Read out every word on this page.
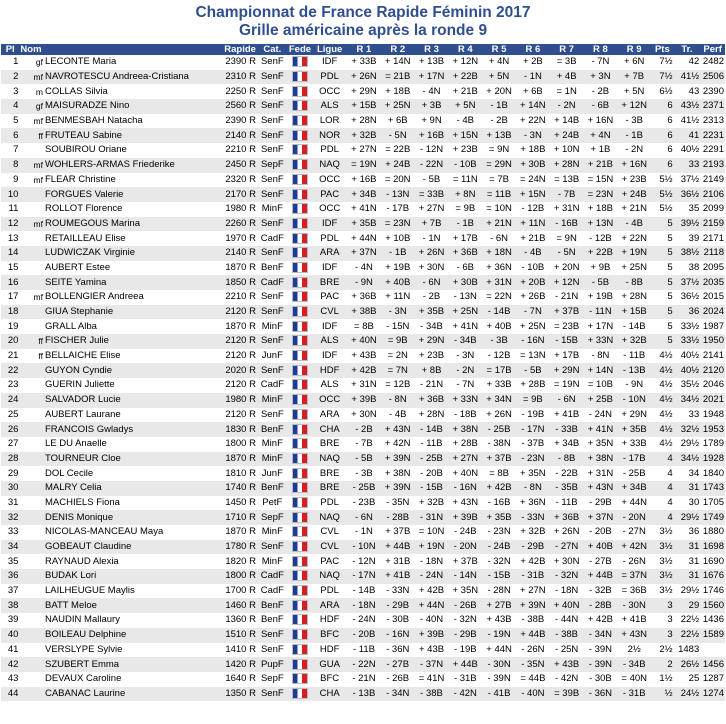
Championnat de France Rapide Féminin 2017
Grille américaine après la ronde 9
Pl	Nom		Rapide	Cat.	Fede	Ligue	R 1	R 2	R 3	R 4	R 5	R 6	R 7	R 8	R 9	Pts	Tr.	Perf
1	gf	LECONTE Maria	2390 R	SenF		IDF	+ 33B	+ 14N	+ 13B	+ 12N	+ 4N	+ 2B	= 3B	- 7N	+ 6N	7½	42	2482
2	mf	NAVROTESCU Andreea-Cristiana	2310 R	SenF		PDL	+ 26N	= 21B	+ 17N	+ 22B	+ 5N	- 1N	+ 4B	+ 3N	+ 7B	7½	41½	2506
3	m	COLLAS Silvia	2250 R	SenF		OCC	+ 29N	+ 18B	- 4N	+ 21B	+ 20N	+ 6B	= 1N	- 2B	+ 5N	6½	43	2390
4	gf	MAISURADZE Nino	2560 R	SenF		ALS	+ 15B	+ 25N	+ 3B	+ 5N	- 1B	+ 14N	- 2N	- 6B	+ 12N	6	43½	2371
5	mf	BENMESBAH Natacha	2390 R	SenF		LOR	+ 28N	+ 6B	+ 9N	- 4B	- 2B	+ 22N	+ 14B	+ 16N	- 3B	6	41½	2313
6	ff	FRUTEAU Sabine	2140 R	SenF		NOR	+ 32B	- 5N	+ 16B	+ 15N	+ 13B	- 3N	+ 24B	+ 4N	- 1B	6	41	2231
7		SOUBIROU Oriane	2210 R	SenF		PDL	+ 27N	= 22B	- 12N	+ 23B	= 9N	+ 18B	+ 10N	+ 1B	- 2N	6	40½	2291
8	mf	WOHLERS-ARMAS Friederike	2450 R	SepF		NAQ	= 19N	+ 24B	- 22N	- 10B	= 29N	+ 30B	+ 28N	+ 21B	+ 16N	6	33	2193
9	mf	FLEAR Christine	2320 R	SenF		OCC	+ 16B	= 20N	- 5B	= 11N	= 7B	= 24N	= 13B	= 15N	+ 23B	5½	37½	2149
10		FORGUES Valerie	2170 R	SenF		PAC	+ 34B	- 13N	= 33B	+ 8N	= 11B	+ 15N	- 7B	= 23N	+ 24B	5½	36½	2106
11		ROLLOT Florence	1980 R	MinF		OCC	+ 41N	- 17B	+ 27N	= 9B	= 10N	- 12B	+ 31N	+ 18B	+ 21N	5½	35	2099
12	mf	ROUMEGOUS Marina	2260 R	SenF		IDF	+ 35B	= 23N	+ 7B	- 1B	+ 21N	+ 11N	- 16B	+ 13N	- 4B	5	39½	2159
13		RETAILLEAU Elise	1970 R	CadF		PDL	+ 44N	+ 10B	- 1N	+ 17B	- 6N	+ 21B	= 9N	- 12B	+ 22N	5	39	2171
14		LUDWICZAK Virginie	2140 R	SenF		ARA	+ 37N	- 1B	+ 26N	+ 36B	+ 18N	- 4B	- 5N	+ 22B	+ 19N	5	38½	2118
15		AUBERT Estee	1870 R	BenF		IDF	- 4N	+ 19B	+ 30N	- 6B	+ 36N	- 10B	+ 20N	+ 9B	+ 25N	5	38	2095
16		SEITE Yamina	1850 R	CadF		BRE	- 9N	+ 40B	- 6N	+ 30B	+ 31N	+ 20B	+ 12N	- 5B	- 8B	5	37½	2035
17	mf	BOLLENGIER Andreea	2210 R	SenF		PAC	+ 36B	+ 11N	- 2B	- 13N	= 22N	+ 26B	- 21N	+ 19B	+ 28N	5	36½	2015
18		GIUA Stephanie	2120 R	SenF		CVL	+ 38B	- 3N	+ 35B	+ 25N	- 14B	- 7N	+ 37B	- 11N	+ 15B	5	36	2024
19		GRALL Alba	1870 R	MinF		IDF	= 8B	- 15N	- 34B	+ 41N	+ 40B	+ 25N	= 23B	+ 17N	- 14B	5	33½	1987
20	ff	FISCHER Julie	2120 R	SenF		ALS	+ 40N	= 9B	+ 29N	- 34B	- 3B	- 16N	- 15B	+ 33N	+ 32B	5	33½	1950
21	ff	BELLAICHE Elise	2120 R	JunF		IDF	+ 43B	= 2N	+ 23B	- 3N	- 12B	= 13N	+ 17B	- 8N	- 11B	4½	40½	2141
22		GUYON Cyndie	2020 R	SenF		HDF	+ 42B	= 7N	+ 8B	- 2N	= 17B	- 5B	+ 29N	+ 14N	- 13B	4½	40½	2120
23		GUERIN Juliette	2120 R	CadF		ALS	+ 31N	= 12B	- 21N	- 7N	+ 33B	+ 28B	= 19N	= 10B	- 9N	4½	35½	2046
24		SALVADOR Lucie	1980 R	MinF		OCC	+ 39B	- 8N	+ 36B	+ 33N	+ 34N	= 9B	- 6N	+ 25B	- 10N	4½	34½	2021
25		AUBERT Laurane	2120 R	SenF		ARA	+ 30N	- 4B	+ 28N	- 18B	+ 26N	- 19B	+ 41B	- 24N	+ 29N	4½	33	1948
26		FRANCOIS Gwladys	1830 R	BenF		CHA	- 2B	+ 43N	- 14B	+ 38N	- 25B	- 17N	- 33B	+ 41N	+ 35B	4½	32½	1953
27		LE DU Anaelle	1800 R	MinF		BRE	- 7B	+ 42N	- 11B	+ 28B	- 38N	- 37B	+ 34B	+ 35N	+ 33B	4½	29½	1789
28		TOURNEUR Cloe	1870 R	MinF		NAQ	- 5B	+ 39N	- 25B	+ 27N	+ 37B	- 23N	- 8B	+ 38N	- 17B	4	34½	1928
29		DOL Cecile	1810 R	JunF		BRE	- 3B	+ 38N	- 20B	+ 40N	= 8B	+ 35N	- 22B	+ 31N	- 25B	4	34	1840
30		MALRY Celia	1740 R	BenF		BRE	- 25B	+ 39N	- 15B	- 16N	+ 42B	- 8N	- 35B	+ 43N	+ 34B	4	31	1743
31		MACHIELS Fiona	1450 R	PetF		PDL	- 23B	- 35N	+ 32B	+ 43N	- 16B	+ 36N	- 11B	- 29B	+ 44N	4	30	1705
32		DENIS Monique	1710 R	SepF		NAQ	- 6N	- 28B	- 31N	+ 39B	+ 35B	- 33N	+ 36B	+ 37N	- 20N	4	29½	1749
33		NICOLAS-MANCEAU Maya	1870 R	MinF		CVL	- 1N	+ 37B	= 10N	- 24B	- 23N	+ 32B	+ 26N	- 20B	- 27N	3½	36	1880
34		GOBEAUT Claudine	1780 R	SenF		CVL	- 10N	+ 44B	+ 19N	- 20N	- 24B	- 29B	- 27N	+ 40B	+ 42N	3½	31	1698
35		RAYNAUD Alexia	1820 R	MinF		PAC	- 12N	+ 31B	- 18N	+ 37B	- 32N	+ 42B	+ 30N	- 27B	- 26N	3½	31	1690
36		BUDAK Lori	1800 R	CadF		NAQ	- 17N	+ 41B	- 24N	- 14N	- 15B	- 31B	- 32N	+ 44B	= 37N	3½	31	1676
37		LAILHEUGUE Maylis	1700 R	CadF		PDL	- 14B	- 33N	+ 42B	+ 35N	- 28N	+ 27N	- 18N	- 32B	= 36B	3½	29½	1746
38		BATT Meloe	1460 R	BenF		ARA	- 18N	- 29B	+ 44N	- 26B	+ 27B	+ 39N	+ 40N	- 28B	- 30N	3	29	1560
39		NAUDIN Mallaury	1360 R	BenF		HDF	- 24N	- 30B	- 40N	- 32N	+ 43B	- 38B	- 44N	+ 42B	+ 41B	3	22½	1436
40		BOILEAU Delphine	1510 R	SenF		BFC	- 20B	- 16N	+ 39B	- 29B	- 19N	+ 44B	- 38B	- 34N	+ 43N	3	22½	1589
41		VERSLYPE Sylvie	1410 R	SenF		HDF	- 11B	- 36N	+ 43B	- 19B	+ 44N	- 26N	- 25N	- 39N	2½	2½	1483	
42		SZUBERT Emma	1420 R	PupF		GUA	- 22N	- 27B	- 37N	+ 44B	- 30N	- 35N	+ 43B	- 39N	- 34B	2	26½	1456
43		DEVAUX Caroline	1640 R	SepF		BFC	- 21N	- 26B	= 41N	- 31B	- 39N	= 44B	- 42N	- 30B	= 40N	1½	25	1287
44		CABANAC Laurine	1350 R	SenF		CHA	- 13B	- 34N	- 38B	- 42N	- 41B	- 40N	= 39B	- 36N	- 31B	½	24½	1274
